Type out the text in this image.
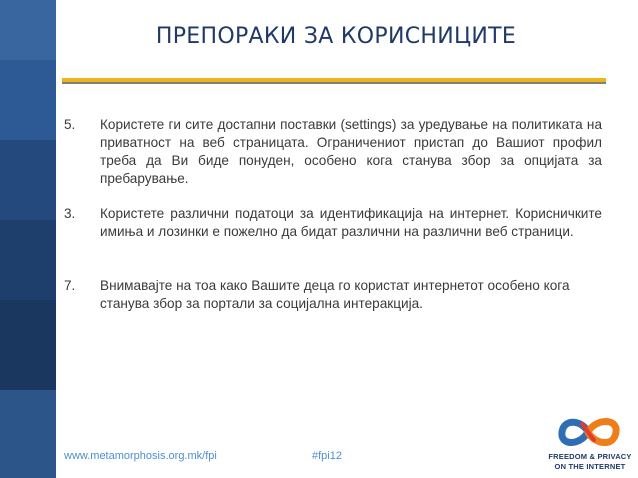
ПРЕПОРАКИ ЗА КОРИСНИЦИТЕ
5.	Користете ги сите достапни поставки (settings) за уредување на политиката на приватност на веб страницата. Ограничениот пристап до Вашиот профил треба да Ви биде понуден, особено кога станува збор за опцијата за пребарување.
3.	Користете различни податоци за идентификација на интернет. Корисничките имиња и лозинки е пожелно да бидат различни на различни веб страници.
7.	Внимавајте на тоа како Вашите деца го користат интернетот особено кога станува збор за портали за социјална интеракција.
www.metamorphosis.org.mk/fpi	#fpi12	FREEDOM & PRIVACY
ON THE INTERNET
